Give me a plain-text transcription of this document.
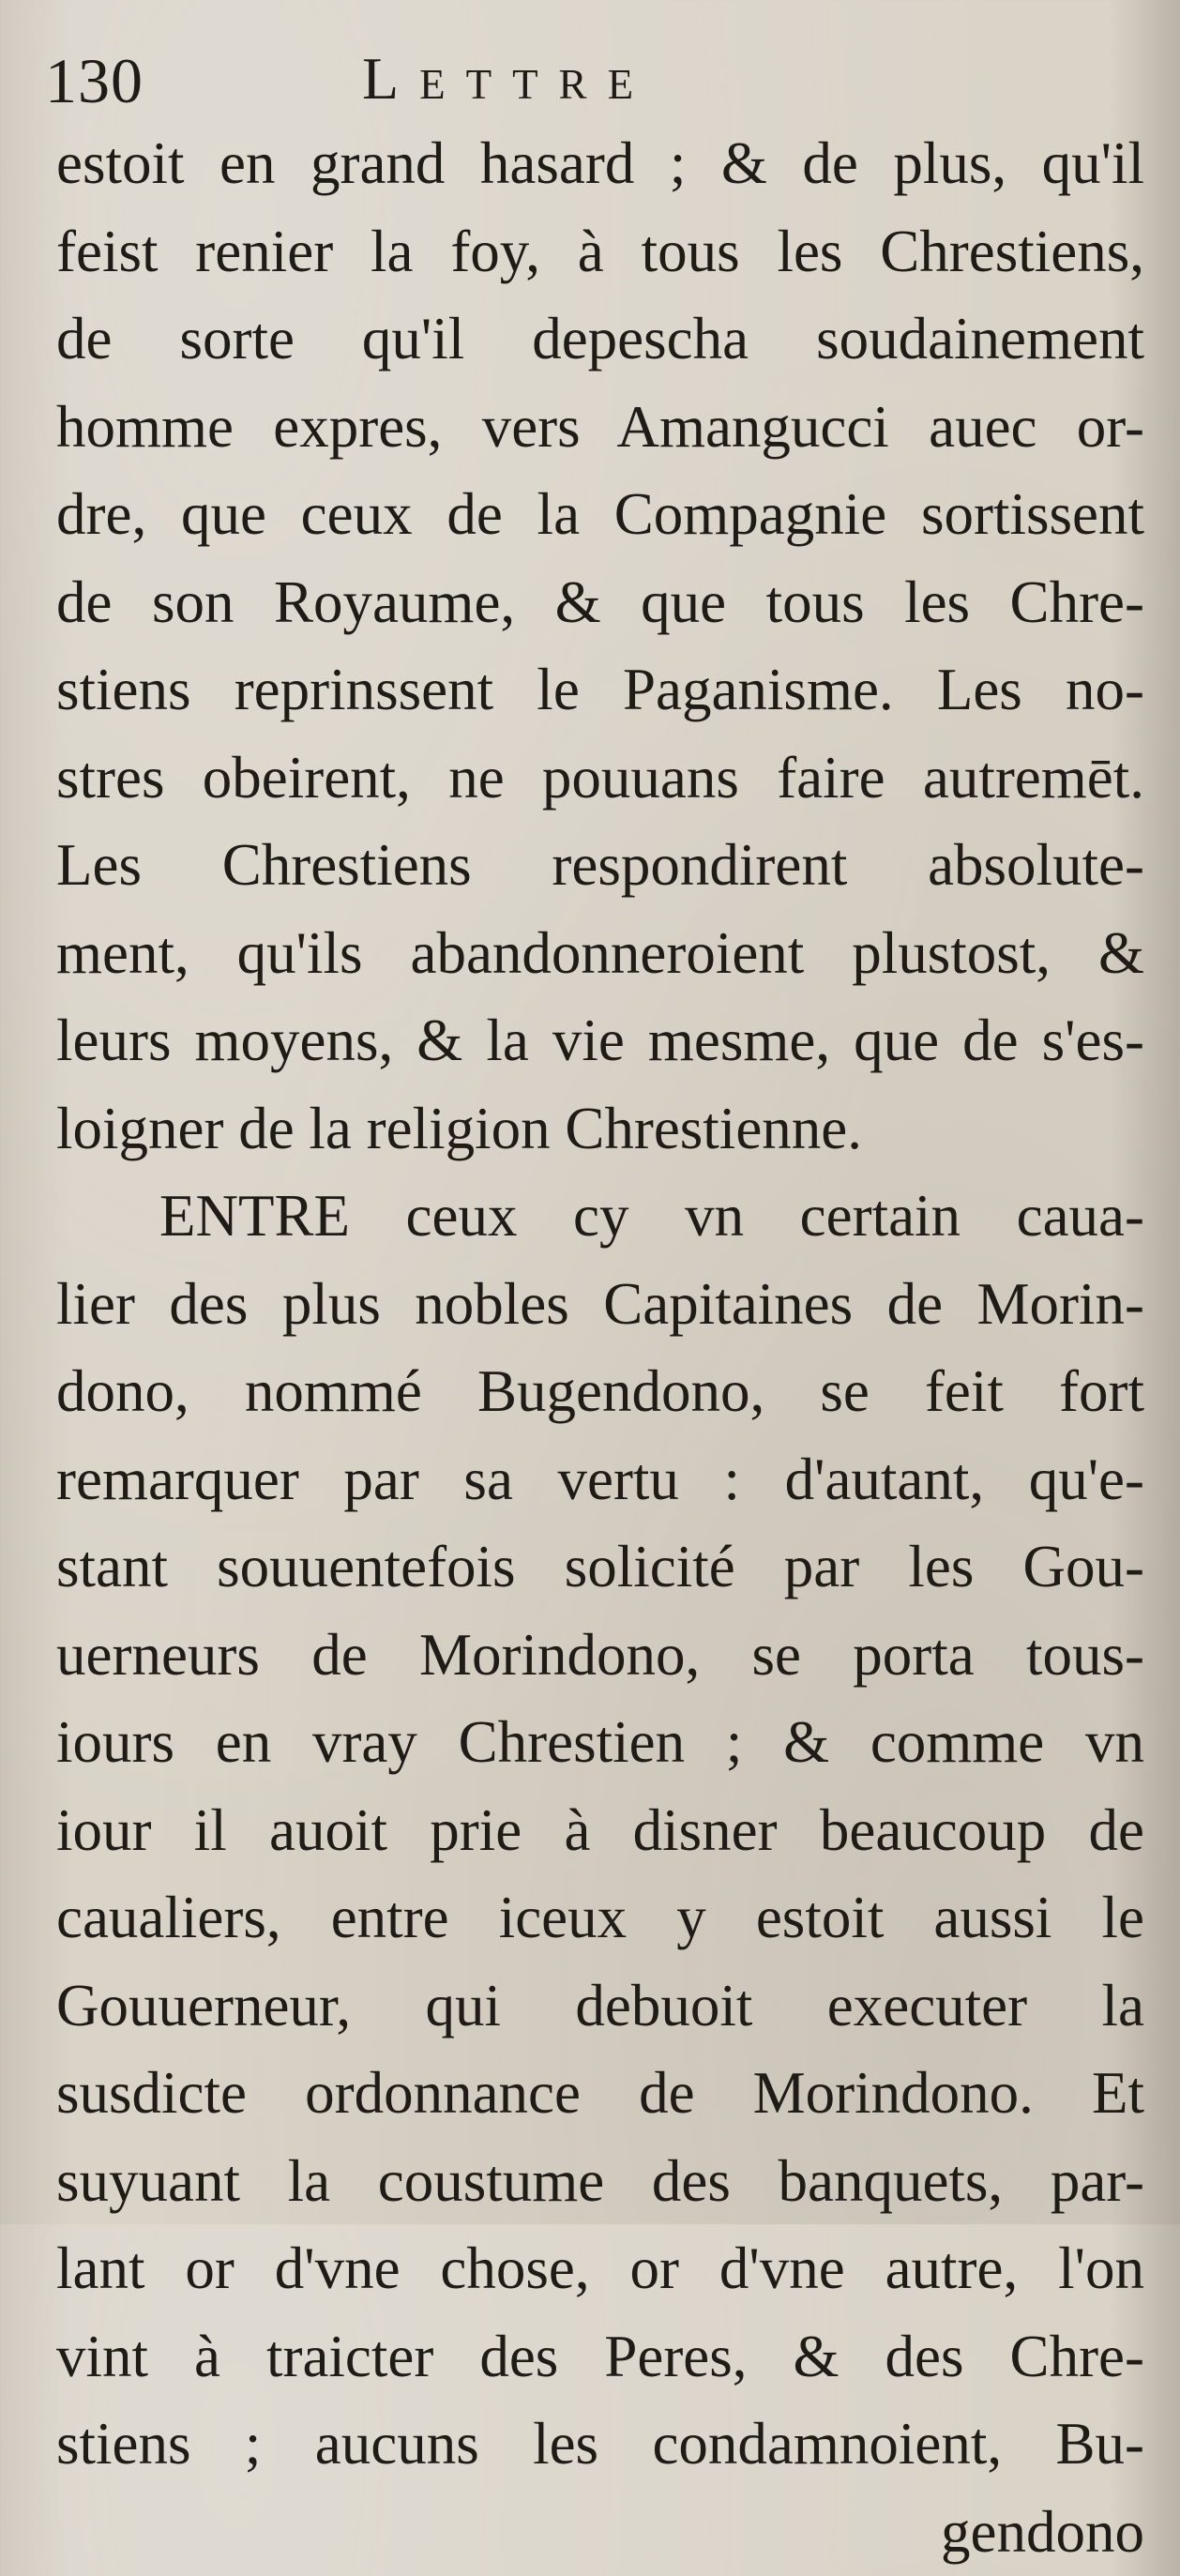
130	Lettre
estoit en grand hasard ; & de plus, qu'il
feist renier la foy, à tous les Chrestiens,
de sorte qu'il depescha soudainement
homme expres, vers Amangucci auec or-
dre, que ceux de la Compagnie sortissent
de son Royaume, & que tous les Chre-
stiens reprinssent le Paganisme. Les no-
stres obeirent, ne pouuans faire autremēt.
Les Chrestiens respondirent absolute-
ment, qu'ils abandonneroient plustost, &
leurs moyens, & la vie mesme, que de s'es-
loigner de la religion Chrestienne.
ENTRE ceux cy vn certain caua-
lier des plus nobles Capitaines de Morin-
dono, nommé Bugendono, se feit fort
remarquer par sa vertu : d'autant, qu'e-
stant souuentefois solicité par les Gou-
uerneurs de Morindono, se porta tous-
iours en vray Chrestien ; & comme vn
iour il auoit prie à disner beaucoup de
caualiers, entre iceux y estoit aussi le
Gouuerneur, qui debuoit executer la
susdicte ordonnance de Morindono. Et
suyuant la coustume des banquets, par-
lant or d'vne chose, or d'vne autre, l'on
vint à traicter des Peres, & des Chre-
stiens ; aucuns les condamnoient, Bu-
gendono
